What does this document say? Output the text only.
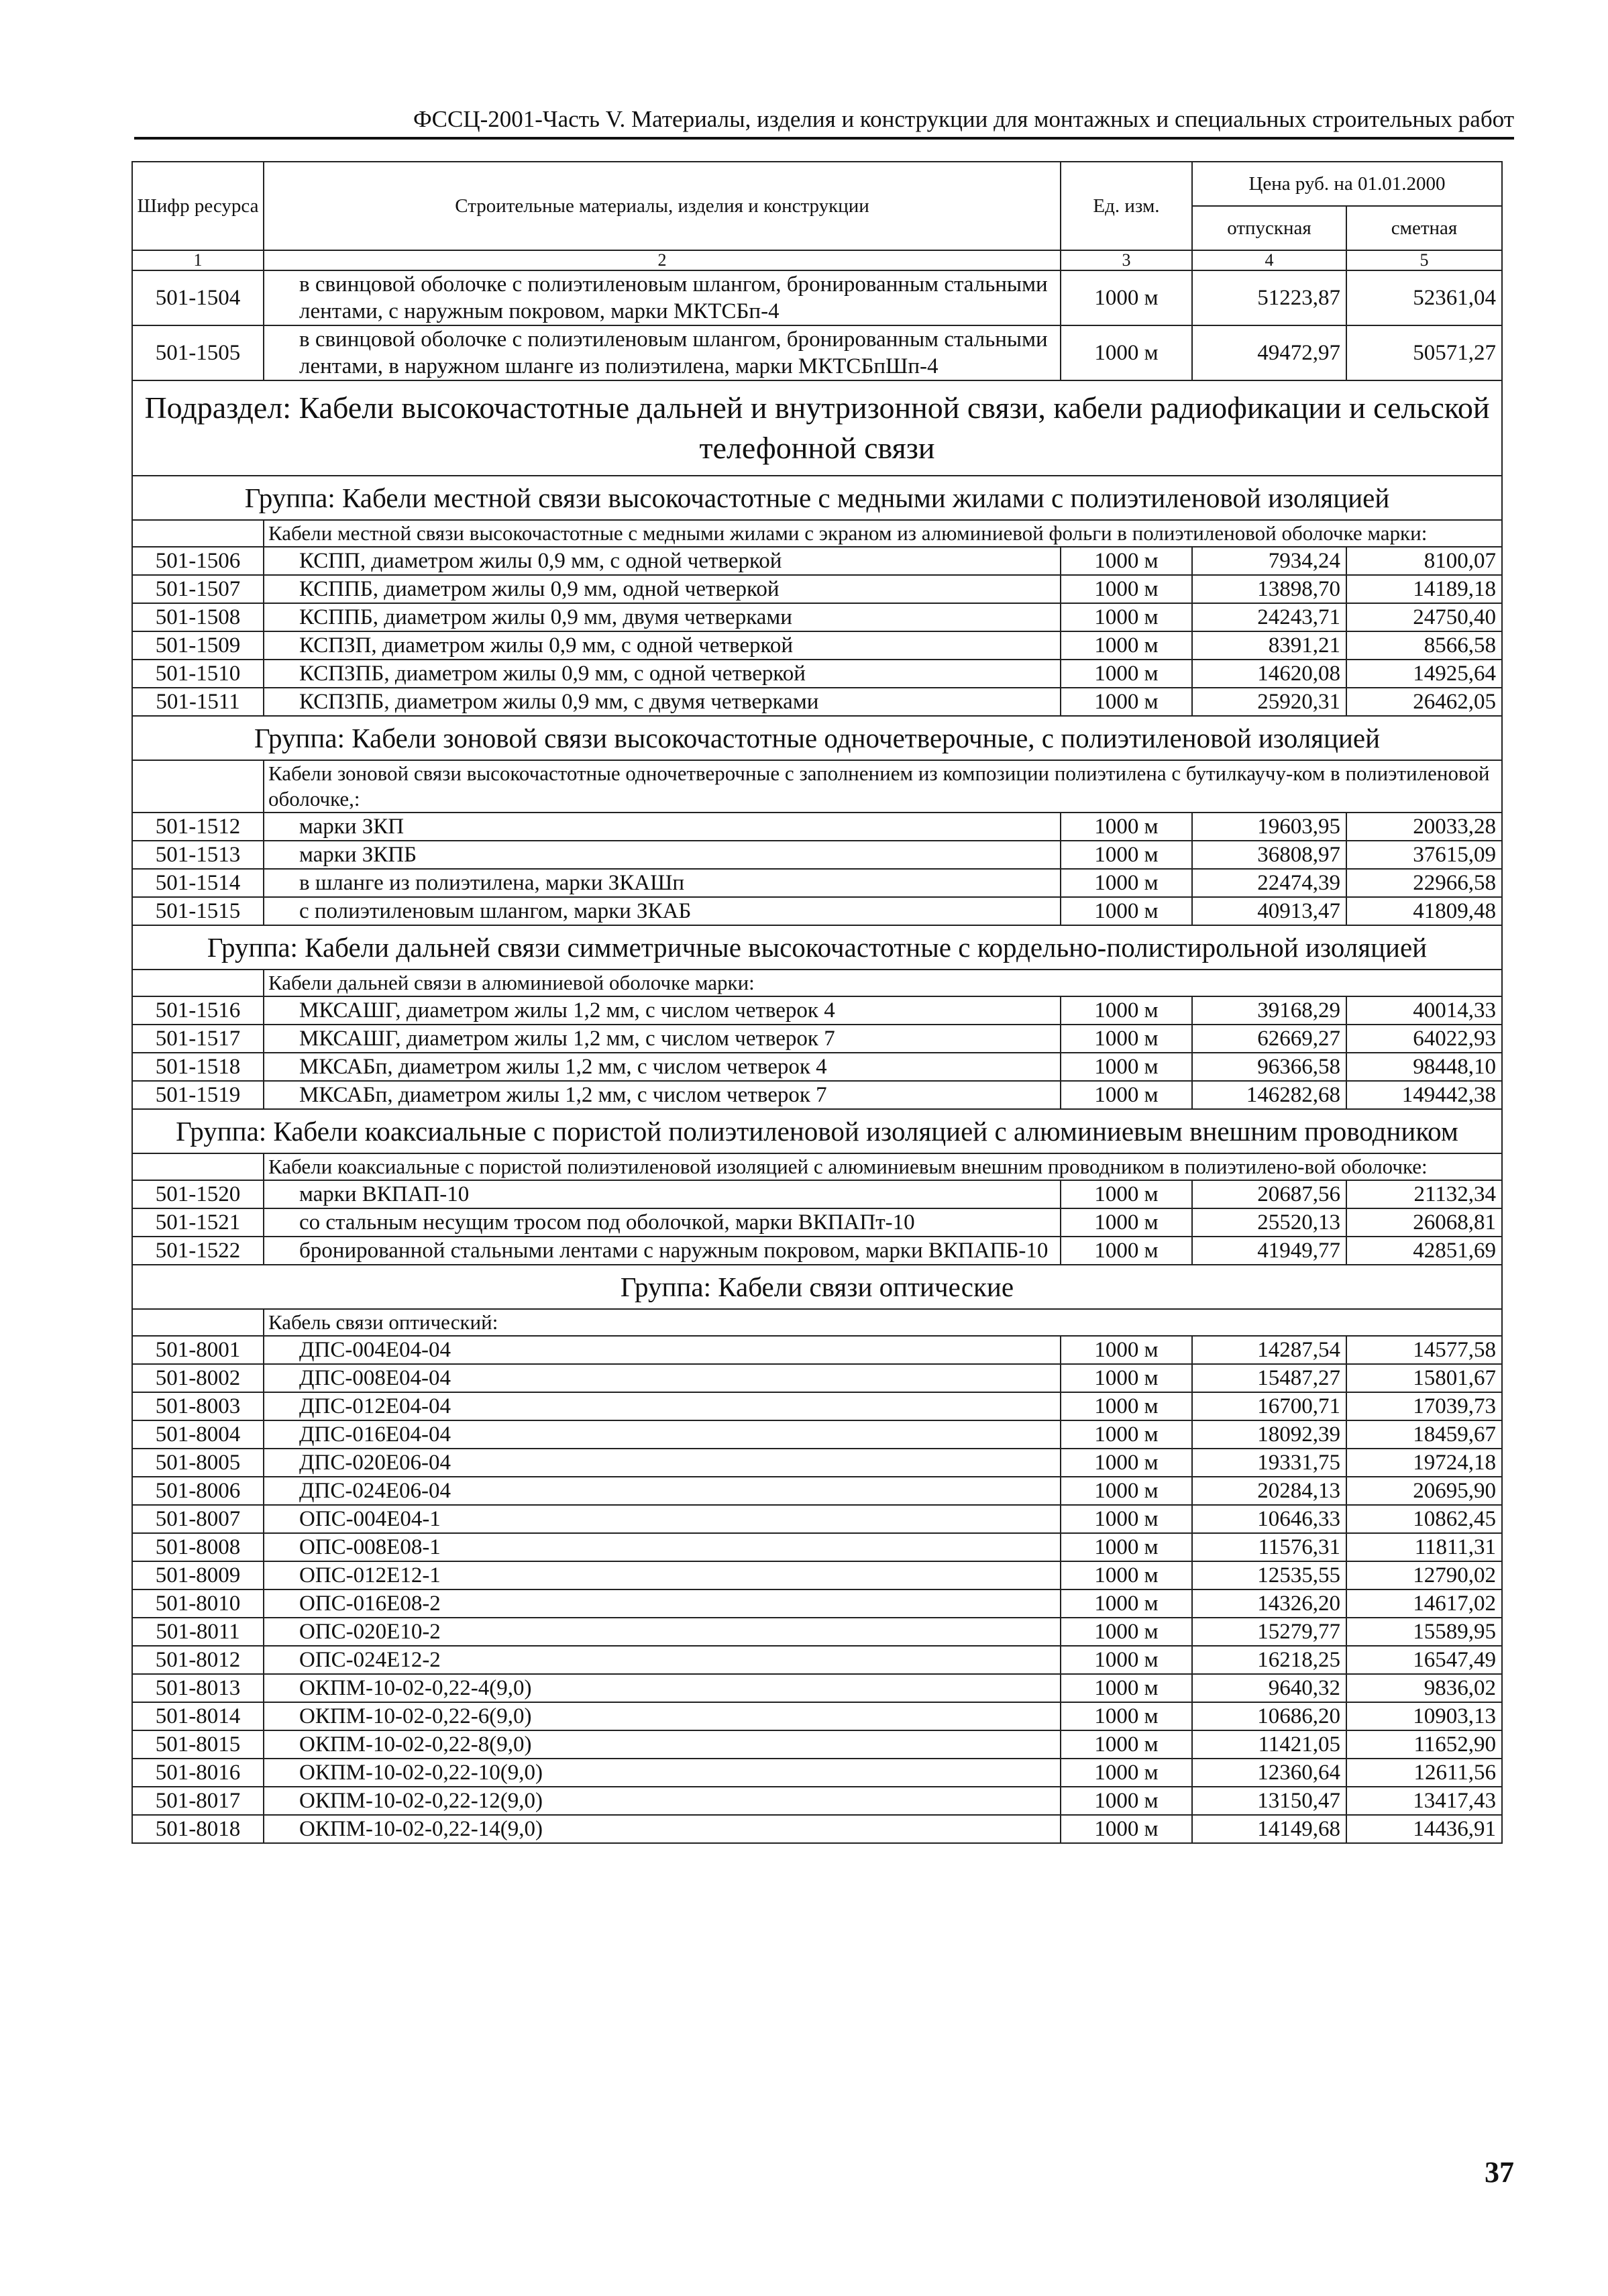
ФССЦ-2001-Часть V. Материалы, изделия и конструкции для монтажных и специальных строительных работ
Шифр ресурса	Строительные материалы, изделия и конструкции	Ед. изм.	Цена руб. на 01.01.2000	
			отпускная	сметная
1	2	3	4	5
501-1504	в свинцовой оболочке с полиэтиленовым шлангом, бронированным стальными лентами, с наружным покровом, марки МКТСБп-4	1000 м	51223,87	52361,04
501-1505	в свинцовой оболочке с полиэтиленовым шлангом, бронированным стальными лентами, в наружном шланге из полиэтилена, марки МКТСБпШп-4	1000 м	49472,97	50571,27
Подраздел: Кабели высокочастотные дальней и внутризонной связи, кабели радиофикации и сельской телефонной связи				
Группа: Кабели местной связи высокочастотные с медными жилами с полиэтиленовой изоляцией				
	Кабели местной связи высокочастотные с медными жилами с экраном из алюминиевой фольги в полиэтиленовой оболочке марки:			
501-1506	КСПП, диаметром жилы 0,9 мм, с одной четверкой	1000 м	7934,24	8100,07
501-1507	КСППБ, диаметром жилы 0,9 мм, одной четверкой	1000 м	13898,70	14189,18
501-1508	КСППБ, диаметром жилы 0,9 мм, двумя четверками	1000 м	24243,71	24750,40
501-1509	КСПЗП, диаметром жилы 0,9 мм, с одной четверкой	1000 м	8391,21	8566,58
501-1510	КСПЗПБ, диаметром жилы 0,9 мм, с одной четверкой	1000 м	14620,08	14925,64
501-1511	КСПЗПБ, диаметром жилы 0,9 мм, с двумя четверками	1000 м	25920,31	26462,05
Группа: Кабели зоновой связи высокочастотные одночетверочные, с полиэтиленовой изоляцией				
	Кабели зоновой связи высокочастотные одночетверочные с заполнением из композиции полиэтилена с бутилкаучу-ком в полиэтиленовой оболочке,:			
501-1512	марки ЗКП	1000 м	19603,95	20033,28
501-1513	марки ЗКПБ	1000 м	36808,97	37615,09
501-1514	в шланге из полиэтилена, марки ЗКАШп	1000 м	22474,39	22966,58
501-1515	с полиэтиленовым шлангом, марки ЗКАБ	1000 м	40913,47	41809,48
Группа: Кабели дальней связи симметричные высокочастотные с кордельно-полистирольной изоляцией				
	Кабели дальней связи в алюминиевой оболочке марки:			
501-1516	МКСАШГ, диаметром жилы 1,2 мм, с числом четверок 4	1000 м	39168,29	40014,33
501-1517	МКСАШГ, диаметром жилы 1,2 мм, с числом четверок 7	1000 м	62669,27	64022,93
501-1518	МКСАБп, диаметром жилы 1,2 мм, с числом четверок 4	1000 м	96366,58	98448,10
501-1519	МКСАБп, диаметром жилы 1,2 мм, с числом четверок 7	1000 м	146282,68	149442,38
Группа: Кабели коаксиальные с пористой полиэтиленовой изоляцией с алюминиевым внешним проводником				
	Кабели коаксиальные с пористой полиэтиленовой изоляцией с алюминиевым внешним проводником в полиэтилено-вой оболочке:			
501-1520	марки ВКПАП-10	1000 м	20687,56	21132,34
501-1521	со стальным несущим тросом под оболочкой, марки ВКПАПт-10	1000 м	25520,13	26068,81
501-1522	бронированной стальными лентами с наружным покровом, марки ВКПАПБ-10	1000 м	41949,77	42851,69
Группа: Кабели связи оптические				
	Кабель связи оптический:			
501-8001	ДПС-004Е04-04	1000 м	14287,54	14577,58
501-8002	ДПС-008Е04-04	1000 м	15487,27	15801,67
501-8003	ДПС-012Е04-04	1000 м	16700,71	17039,73
501-8004	ДПС-016Е04-04	1000 м	18092,39	18459,67
501-8005	ДПС-020Е06-04	1000 м	19331,75	19724,18
501-8006	ДПС-024Е06-04	1000 м	20284,13	20695,90
501-8007	ОПС-004Е04-1	1000 м	10646,33	10862,45
501-8008	ОПС-008Е08-1	1000 м	11576,31	11811,31
501-8009	ОПС-012Е12-1	1000 м	12535,55	12790,02
501-8010	ОПС-016Е08-2	1000 м	14326,20	14617,02
501-8011	ОПС-020Е10-2	1000 м	15279,77	15589,95
501-8012	ОПС-024Е12-2	1000 м	16218,25	16547,49
501-8013	ОКПМ-10-02-0,22-4(9,0)	1000 м	9640,32	9836,02
501-8014	ОКПМ-10-02-0,22-6(9,0)	1000 м	10686,20	10903,13
501-8015	ОКПМ-10-02-0,22-8(9,0)	1000 м	11421,05	11652,90
501-8016	ОКПМ-10-02-0,22-10(9,0)	1000 м	12360,64	12611,56
501-8017	ОКПМ-10-02-0,22-12(9,0)	1000 м	13150,47	13417,43
501-8018	ОКПМ-10-02-0,22-14(9,0)	1000 м	14149,68	14436,91
37
